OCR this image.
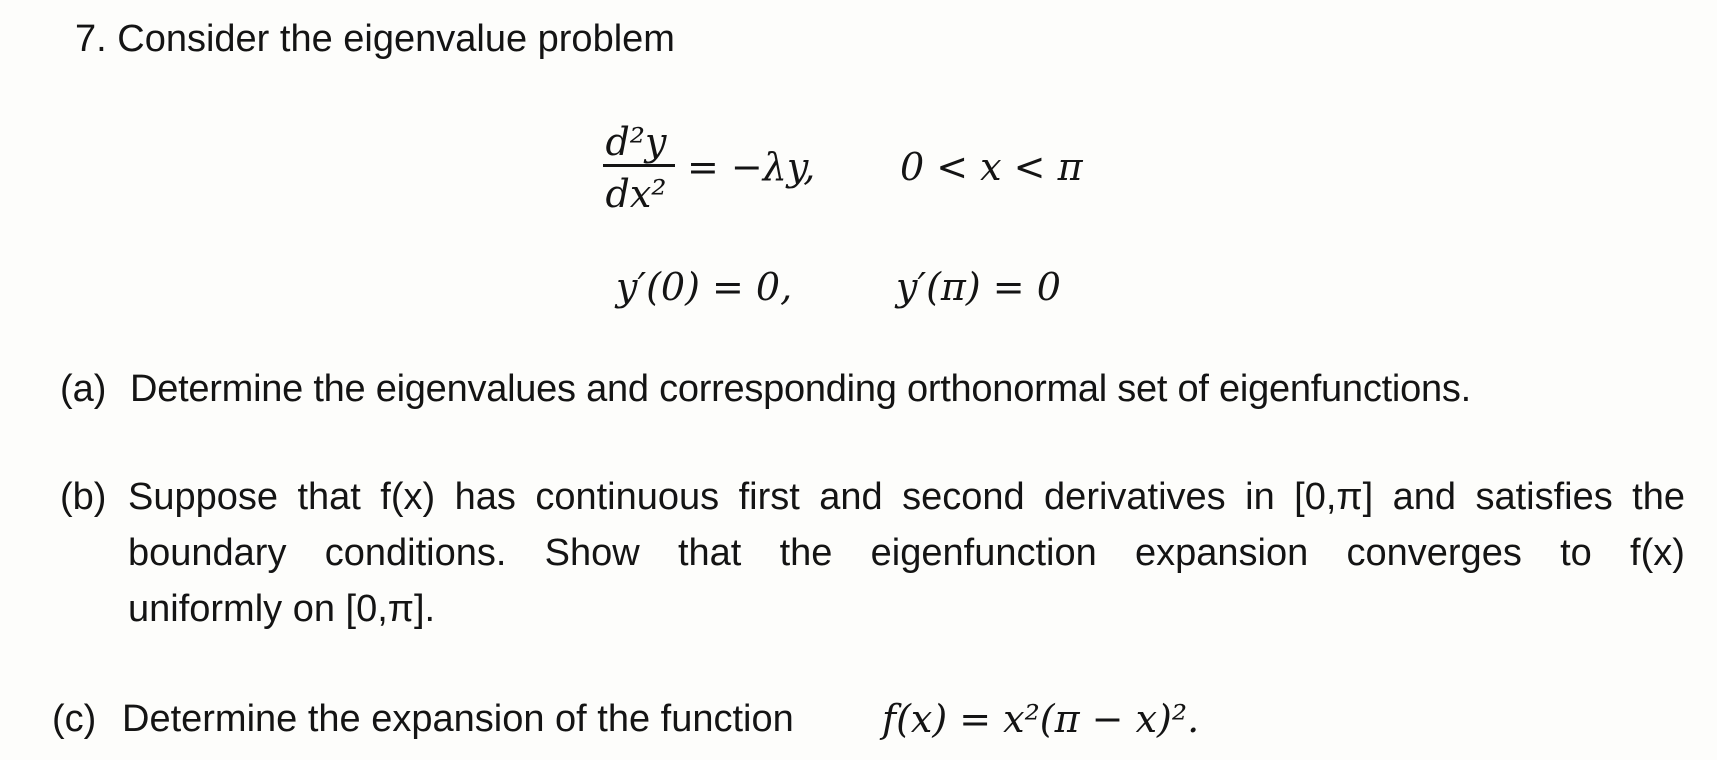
7. Consider the eigenvalue problem
d²y
dx²
= −λy, 0 < x < π
y′(0) = 0,	y′(π) = 0
(a) Determine the eigenvalues and corresponding orthonormal set of eigenfunctions.
(b) Suppose that f(x) has continuous first and second derivatives in [0,π] and satisfies the
boundary conditions. Show that the eigenfunction expansion converges to f(x)
uniformly on [0,π].
(c) Determine the expansion of the function f(x) = x²(π − x)².
